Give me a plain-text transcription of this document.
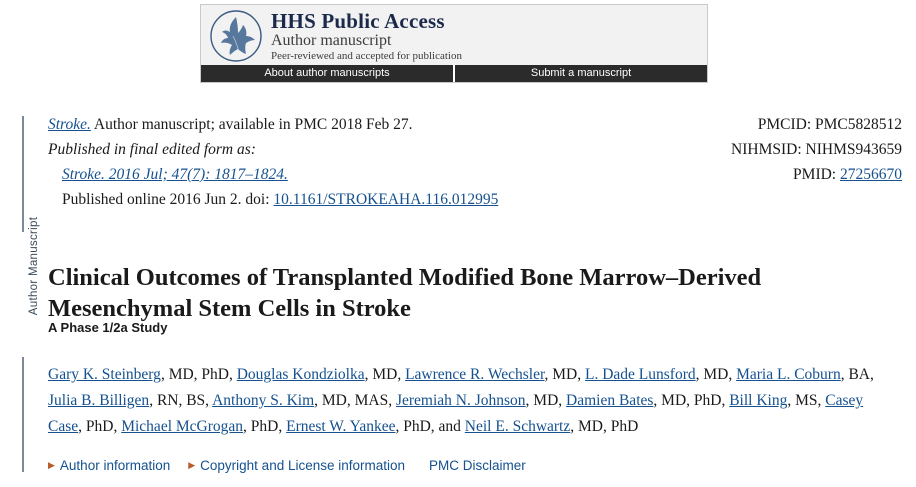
HHS Public Access
Author manuscript
Peer-reviewed and accepted for publication
About author manuscripts	Submit a manuscript
Author Manuscript
Stroke. Author manuscript; available in PMC 2018 Feb 27.
Published in final edited form as:
Stroke. 2016 Jul; 47(7): 1817–1824.
Published online 2016 Jun 2. doi: 10.1161/STROKEAHA.116.012995
PMCID: PMC5828512
NIHMSID: NIHMS943659
PMID: 27256670
Clinical Outcomes of Transplanted Modified Bone Marrow–Derived Mesenchymal Stem Cells in Stroke
A Phase 1/2a Study
Gary K. Steinberg, MD, PhD, Douglas Kondziolka, MD, Lawrence R. Wechsler, MD, L. Dade Lunsford, MD, Maria L. Coburn, BA, Julia B. Billigen, RN, BS, Anthony S. Kim, MD, MAS, Jeremiah N. Johnson, MD, Damien Bates, MD, PhD, Bill King, MS, Casey Case, PhD, Michael McGrogan, PhD, Ernest W. Yankee, PhD, and Neil E. Schwartz, MD, PhD
▶ Author information ▶ Copyright and License information PMC Disclaimer
